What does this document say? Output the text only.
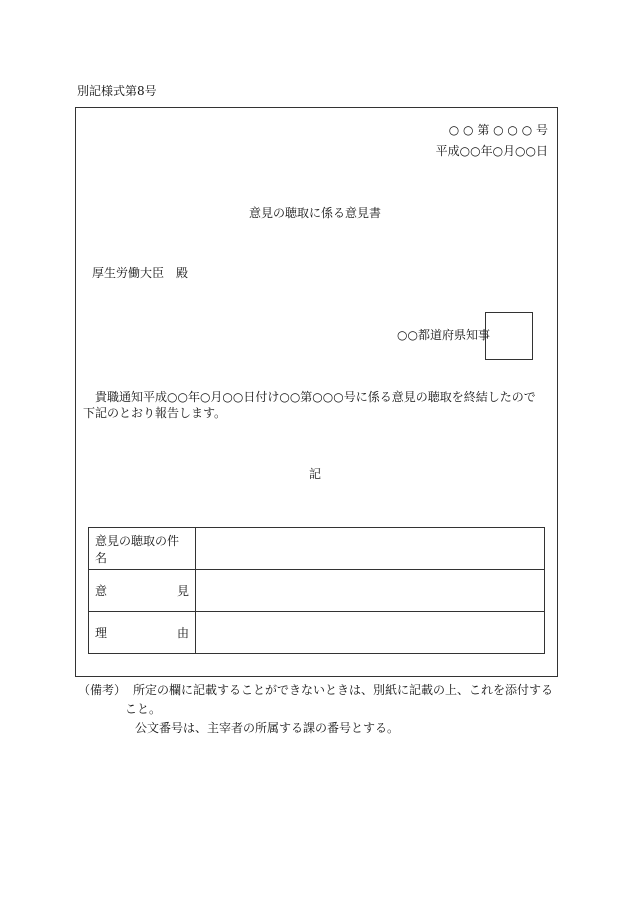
別記様式第8号
○ ○ 第 ○ ○ ○ 号
平成○○年○月○○日
意見の聴取に係る意見書
厚生労働大臣　殿
○○都道府県知事
貴職通知平成○○年○月○○日付け○○第○○○号に係る意見の聴取を終結したので
下記のとおり報告します。
記
意見の聴取の件名	

意 見	

理 由	

（備考） 所定の欄に記載することができないときは、別紙に記載の上、これを添付する
こと。
公文番号は、主宰者の所属する課の番号とする。
